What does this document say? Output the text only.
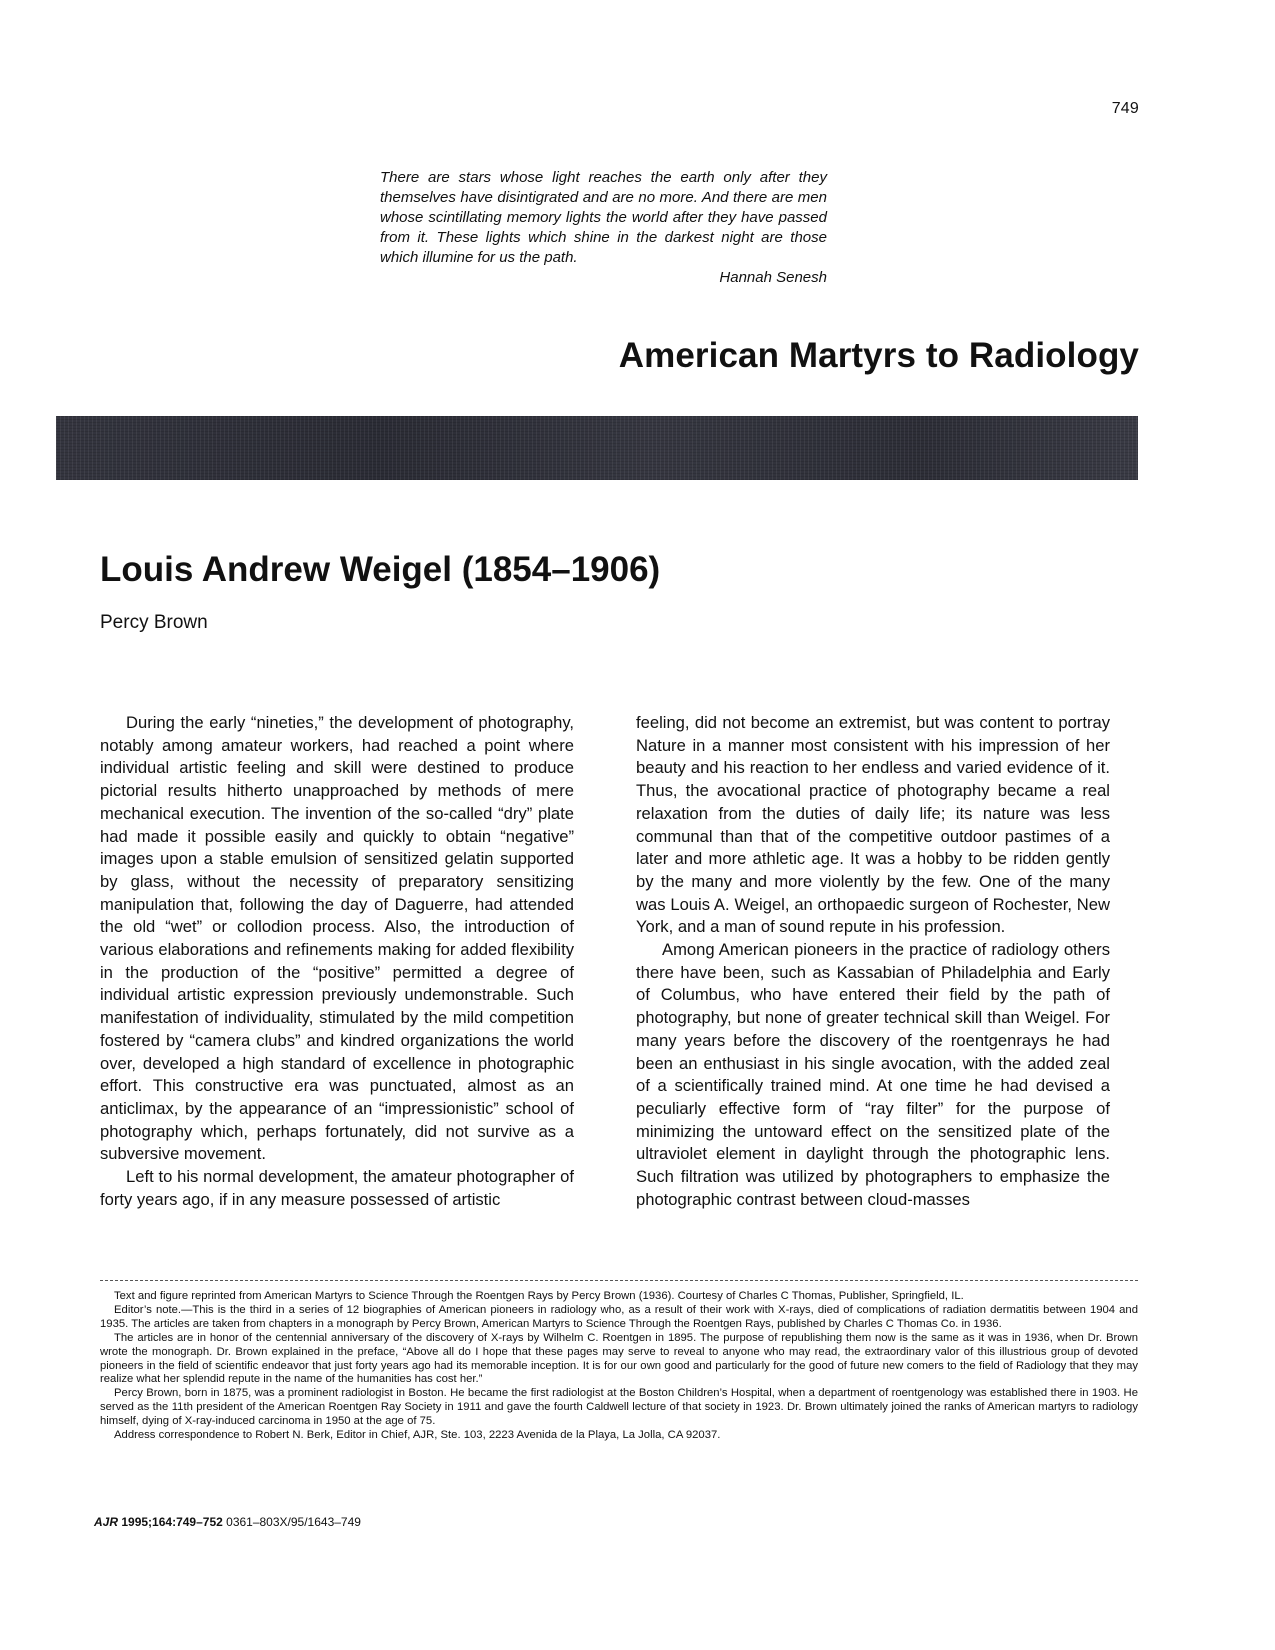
749
There are stars whose light reaches the earth only after they themselves have disintigrated and are no more. And there are men whose scintillating memory lights the world after they have passed from it. These lights which shine in the darkest night are those which illumine for us the path.
Hannah Senesh
American Martyrs to Radiology
Louis Andrew Weigel (1854–1906)
Percy Brown

During the early “nineties,” the development of photography, notably among amateur workers, had reached a point where individual artistic feeling and skill were destined to produce pictorial results hitherto unapproached by methods of mere mechanical execution. The invention of the so-called “dry” plate had made it possible easily and quickly to obtain “negative” images upon a stable emulsion of sensitized gelatin supported by glass, without the necessity of preparatory sensitizing manipulation that, following the day of Daguerre, had attended the old “wet” or collodion process. Also, the introduction of various elaborations and refinements making for added flexibility in the production of the “positive” permitted a degree of individual artistic expression previously undemonstrable. Such manifestation of individuality, stimulated by the mild competition fostered by “camera clubs” and kindred organizations the world over, developed a high standard of excellence in photographic effort. This constructive era was punctuated, almost as an anticlimax, by the appearance of an “impressionistic” school of photography which, perhaps fortunately, did not survive as a subversive movement.

Left to his normal development, the amateur photographer of forty years ago, if in any measure possessed of artistic

feeling, did not become an extremist, but was content to portray Nature in a manner most consistent with his impression of her beauty and his reaction to her endless and varied evidence of it. Thus, the avocational practice of photography became a real relaxation from the duties of daily life; its nature was less communal than that of the competitive outdoor pastimes of a later and more athletic age. It was a hobby to be ridden gently by the many and more violently by the few. One of the many was Louis A. Weigel, an orthopaedic surgeon of Rochester, New York, and a man of sound repute in his profession.

Among American pioneers in the practice of radiology others there have been, such as Kassabian of Philadelphia and Early of Columbus, who have entered their field by the path of photography, but none of greater technical skill than Weigel. For many years before the discovery of the roentgenrays he had been an enthusiast in his single avocation, with the added zeal of a scientifically trained mind. At one time he had devised a peculiarly effective form of “ray filter” for the purpose of minimizing the untoward effect on the sensitized plate of the ultraviolet element in daylight through the photographic lens. Such filtration was utilized by photographers to emphasize the photographic contrast between cloud-masses

Text and figure reprinted from American Martyrs to Science Through the Roentgen Rays by Percy Brown (1936). Courtesy of Charles C Thomas, Publisher, Springfield, IL.

Editor’s note.—This is the third in a series of 12 biographies of American pioneers in radiology who, as a result of their work with X-rays, died of complications of radiation dermatitis between 1904 and 1935. The articles are taken from chapters in a monograph by Percy Brown, American Martyrs to Science Through the Roentgen Rays, published by Charles C Thomas Co. in 1936.

The articles are in honor of the centennial anniversary of the discovery of X-rays by Wilhelm C. Roentgen in 1895. The purpose of republishing them now is the same as it was in 1936, when Dr. Brown wrote the monograph. Dr. Brown explained in the preface, “Above all do I hope that these pages may serve to reveal to anyone who may read, the extraordinary valor of this illustrious group of devoted pioneers in the field of scientific endeavor that just forty years ago had its memorable inception. It is for our own good and particularly for the good of future new comers to the field of Radiology that they may realize what her splendid repute in the name of the humanities has cost her.”

Percy Brown, born in 1875, was a prominent radiologist in Boston. He became the first radiologist at the Boston Children’s Hospital, when a department of roentgenology was established there in 1903. He served as the 11th president of the American Roentgen Ray Society in 1911 and gave the fourth Caldwell lecture of that society in 1923. Dr. Brown ultimately joined the ranks of American martyrs to radiology himself, dying of X-ray-induced carcinoma in 1950 at the age of 75.

Address correspondence to Robert N. Berk, Editor in Chief, AJR, Ste. 103, 2223 Avenida de la Playa, La Jolla, CA 92037.

AJR 1995;164:749–752 0361–803X/95/1643–749
